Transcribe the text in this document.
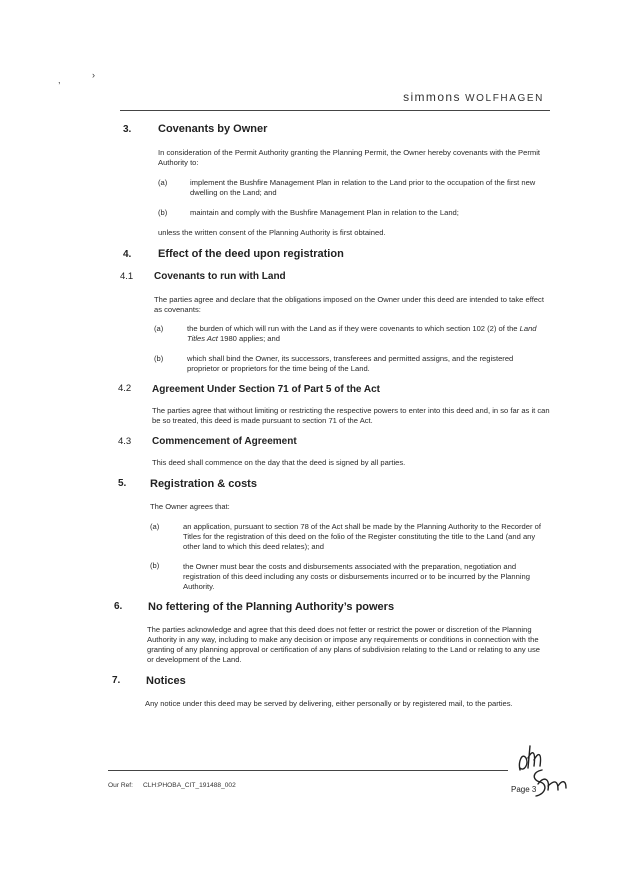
,	›
simmons WOLFHAGEN
3. Covenants by Owner
In consideration of the Permit Authority granting the Planning Permit, the Owner hereby covenants with the Permit Authority to:
(a)	implement the Bushfire Management Plan in relation to the Land prior to the occupation of the first new dwelling on the Land; and
(b)	maintain and comply with the Bushfire Management Plan in relation to the Land;
unless the written consent of the Planning Authority is first obtained.
4. Effect of the deed upon registration
4.1 Covenants to run with Land
The parties agree and declare that the obligations imposed on the Owner under this deed are intended to take effect as covenants:
(a)	the burden of which will run with the Land as if they were covenants to which section 102 (2) of the Land Titles Act 1980 applies; and
(b)	which shall bind the Owner, its successors, transferees and permitted assigns, and the registered proprietor or proprietors for the time being of the Land.
4.2 Agreement Under Section 71 of Part 5 of the Act
The parties agree that without limiting or restricting the respective powers to enter into this deed and, in so far as it can be so treated, this deed is made pursuant to section 71 of the Act.
4.3 Commencement of Agreement
This deed shall commence on the day that the deed is signed by all parties.
5. Registration & costs
The Owner agrees that:
(a)	an application, pursuant to section 78 of the Act shall be made by the Planning Authority to the Recorder of Titles for the registration of this deed on the folio of the Register constituting the title to the Land (and any other land to which this deed relates); and
(b)	the Owner must bear the costs and disbursements associated with the preparation, negotiation and registration of this deed including any costs or disbursements incurred or to be incurred by the Planning Authority.
6. No fettering of the Planning Authority’s powers
The parties acknowledge and agree that this deed does not fetter or restrict the power or discretion of the Planning Authority in any way, including to make any decision or impose any requirements or conditions in connection with the granting of any planning approval or certification of any plans of subdivision relating to the Land or relating to any use or development of the Land.
7. Notices
Any notice under this deed may be served by delivering, either personally or by registered mail, to the parties.
Our Ref: CLH:PHOBA_CIT_191488_002	Page 3
